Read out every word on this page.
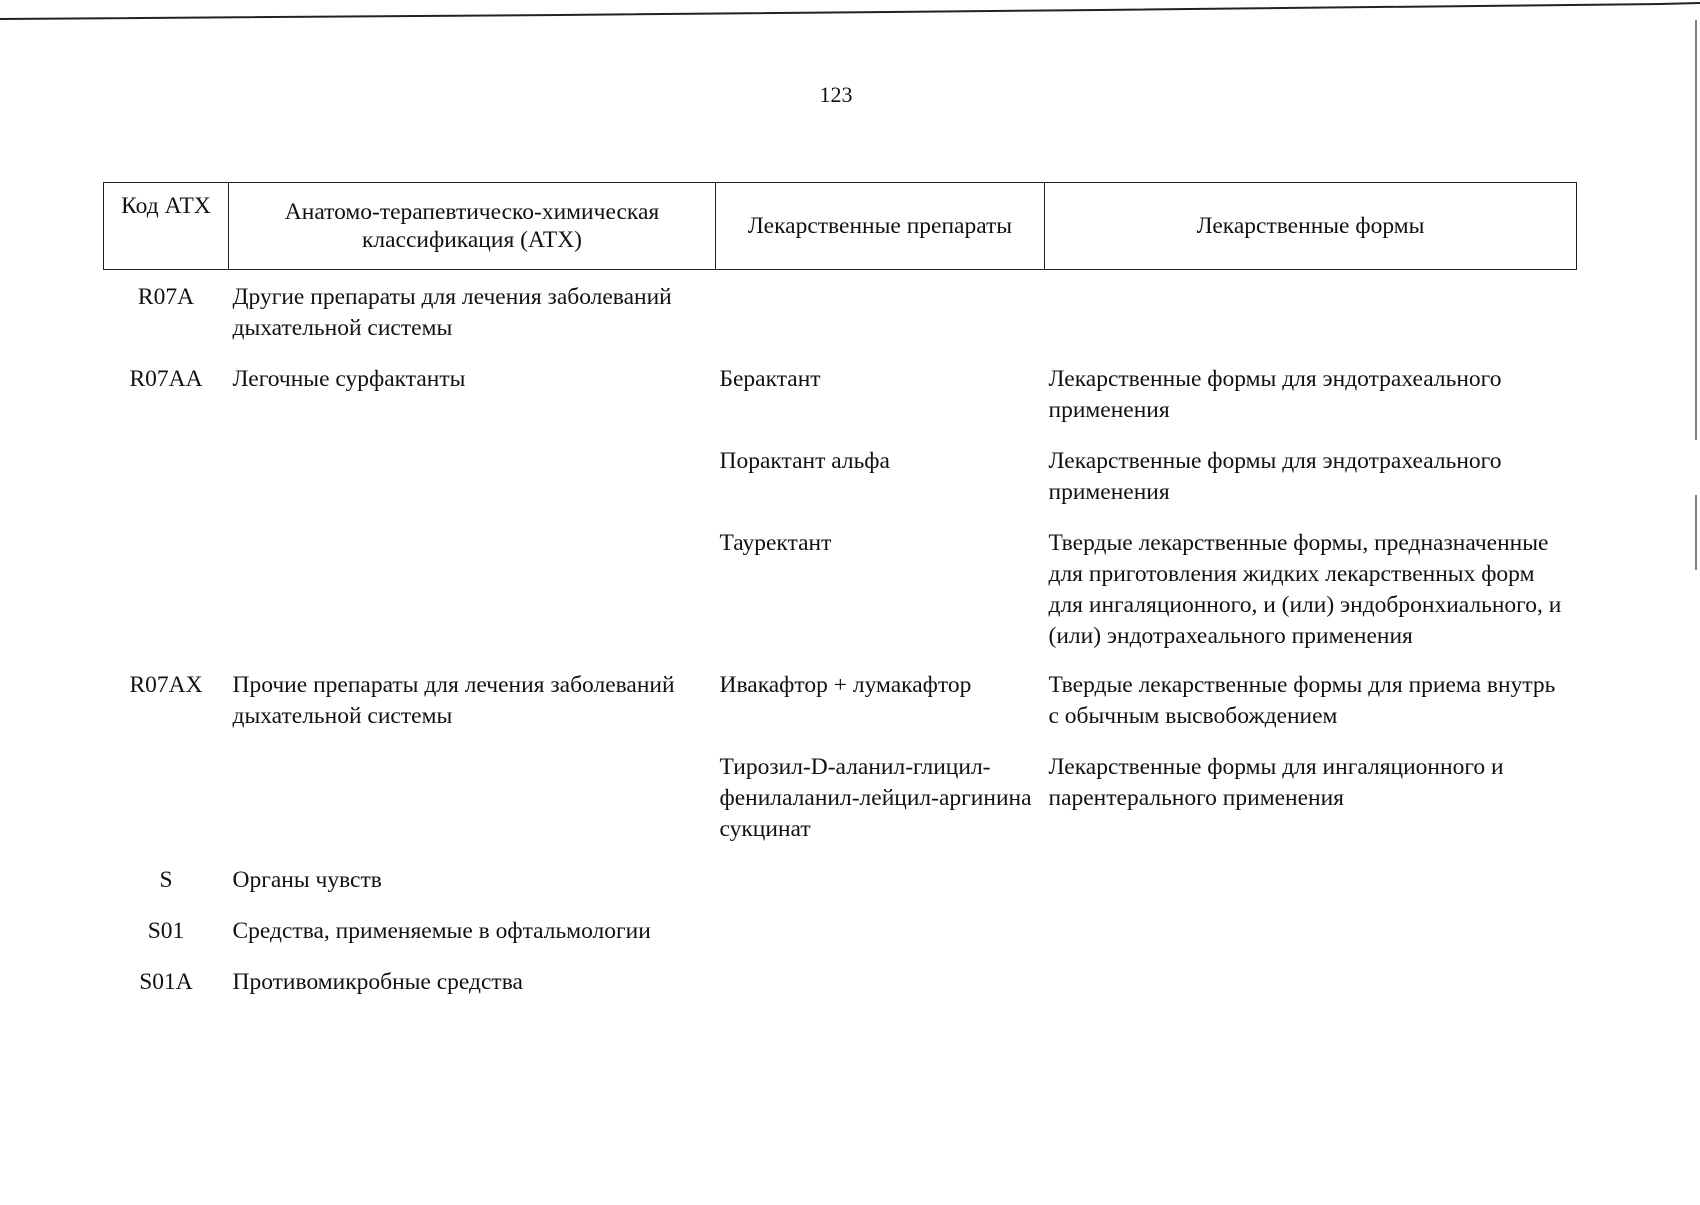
123
Код АТХ	Анатомо-терапевтическо-химическая классификация (АТХ)	Лекарственные препараты	Лекарственные формы
R07A	Другие препараты для лечения заболеваний дыхательной системы		
R07AA	Легочные сурфактанты	Берактант	Лекарственные формы для эндотрахеального применения
		Порактант альфа	Лекарственные формы для эндотрахеального применения
		Тауректант	Твердые лекарственные формы, предназначенные для приготовления жидких лекарственных форм для ингаляционного, и (или) эндобронхиального, и (или) эндотрахеального применения
R07AX	Прочие препараты для лечения заболеваний дыхательной системы	Ивакафтор + лумакафтор	Твердые лекарственные формы для приема внутрь с обычным высвобождением
		Тирозил-D-аланил-глицил-фенилаланил-лейцил-аргинина сукцинат	Лекарственные формы для ингаляционного и парентерального применения
S	Органы чувств		
S01	Средства, применяемые в офтальмологии		
S01A	Противомикробные средства		
